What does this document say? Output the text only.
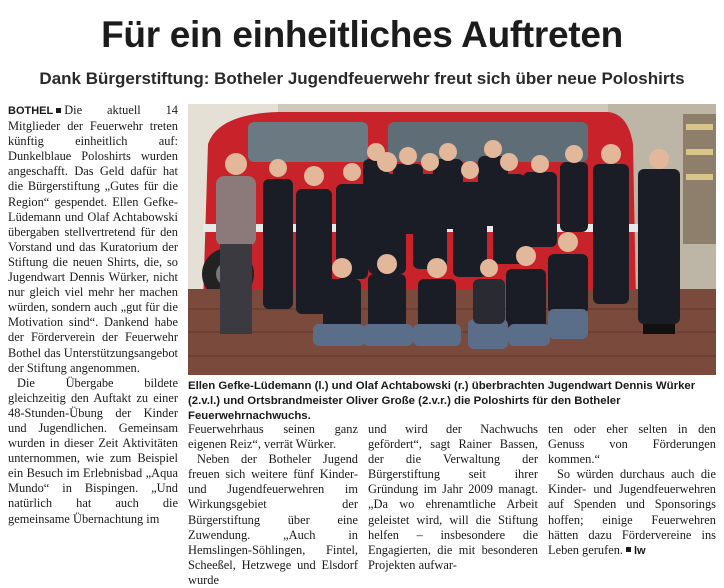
Für ein einheitliches Auftreten
Dank Bürgerstiftung: Botheler Jugendfeuerwehr freut sich über neue Poloshirts

BOTHEL Die aktuell 14 Mitglieder der Feuerwehr treten künftig einheitlich auf: Dunkelblaue Poloshirts wurden angeschafft. Das Geld dafür hat die Bürgerstiftung „Gutes für die Region“ gespendet. Ellen Gefke-Lüdemann und Olaf Achtabowski übergaben stellvertretend für den Vorstand und das Kuratorium der Stiftung die neuen Shirts, die, so Jugendwart Dennis Würker, nicht nur gleich viel mehr her machen würden, sondern auch „gut für die Motivation sind“. Dankend habe der Förderverein der Feuerwehr Bothel das Unterstützungsangebot der Stiftung angenommen.

Die Übergabe bildete gleichzeitig den Auftakt zu einer 48-Stunden-Übung der Kinder und Jugendlichen. Gemeinsam wurden in dieser Zeit Aktivitäten unternommen, wie zum Beispiel ein Besuch im Erlebnisbad „Aqua Mundo“ in Bispingen. „Und natürlich hat auch die gemeinsame Übernachtung im

Ellen Gefke-Lüdemann (l.) und Olaf Achtabowski (r.) überbrachten Jugendwart Dennis Würker (2.v.l.) und Ortsbrandmeister Oliver Große (2.v.r.) die Poloshirts für den Botheler Feuerwehrnachwuchs.

Feuerwehrhaus seinen ganz eigenen Reiz“, verrät Würker.

Neben der Botheler Jugend freuen sich weitere fünf Kinder- und Jugendfeuerwehren im Wirkungsgebiet der Bürgerstiftung über eine Zuwendung. „Auch in Hemslingen-Söhlingen, Fintel, Scheeßel, Hetzwege und Elsdorf wurde

und wird der Nachwuchs gefördert“, sagt Rainer Bassen, der die Verwaltung der Bürgerstiftung seit ihrer Gründung im Jahr 2009 managt. „Da wo ehrenamtliche Arbeit geleistet wird, will die Stiftung helfen – insbesondere die Engagierten, die mit besonderen Projekten aufwar-

ten oder eher selten in den Genuss von Förderungen kommen.“

So würden durchaus auch die Kinder- und Jugendfeuerwehren auf Spenden und Sponsorings hoffen; einige Feuerwehren hätten dazu Fördervereine ins Leben gerufen. lw
